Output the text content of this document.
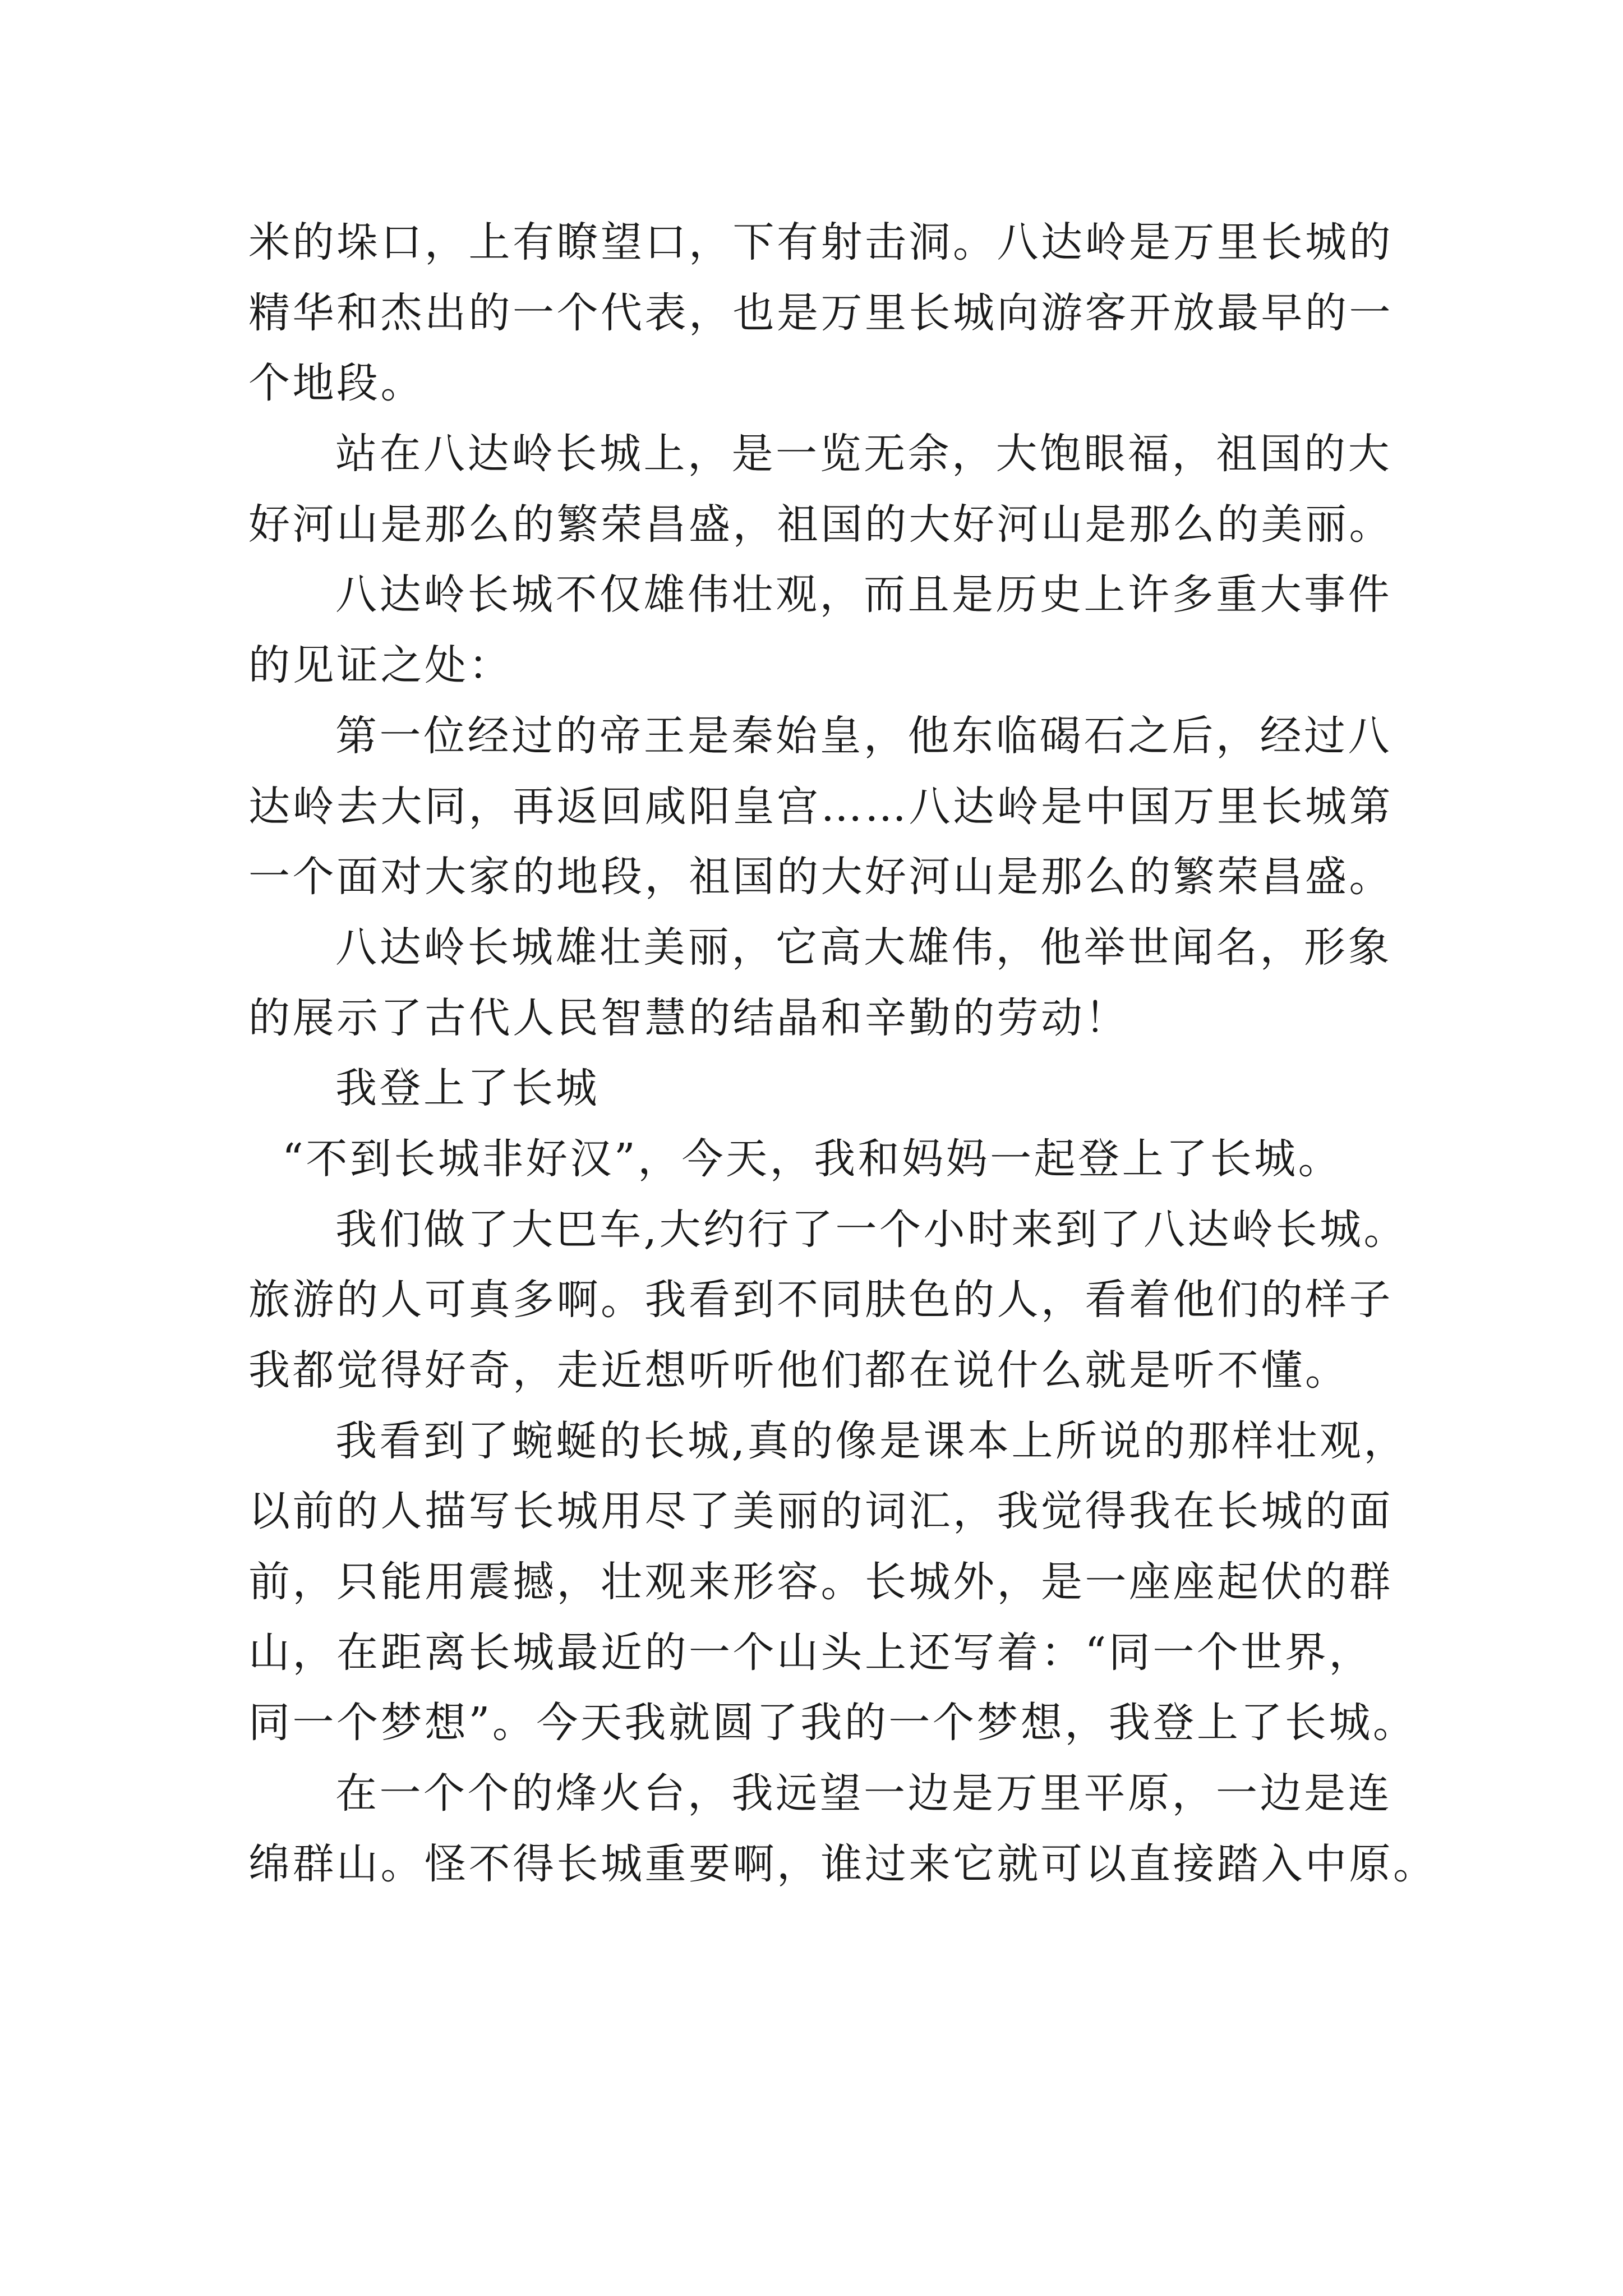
米的垛口，上有瞭望口，下有射击洞。八达岭是万里长城的
精华和杰出的一个代表，也是万里长城向游客开放最早的一
个地段。
站在八达岭长城上，是一览无余，大饱眼福，祖国的大
好河山是那么的繁荣昌盛，祖国的大好河山是那么的美丽。
八达岭长城不仅雄伟壮观，而且是历史上许多重大事件
的见证之处：
第一位经过的帝王是秦始皇，他东临碣石之后，经过八
达岭去大同，再返回咸阳皇宫……八达岭是中国万里长城第
一个面对大家的地段，祖国的大好河山是那么的繁荣昌盛。
八达岭长城雄壮美丽，它高大雄伟，他举世闻名，形象
的展示了古代人民智慧的结晶和辛勤的劳动！
我登上了长城
“不到长城非好汉”，今天，我和妈妈一起登上了长城。
我们做了大巴车,大约行了一个小时来到了八达岭长城。
旅游的人可真多啊。我看到不同肤色的人，看着他们的样子
我都觉得好奇，走近想听听他们都在说什么就是听不懂。
我看到了蜿蜒的长城,真的像是课本上所说的那样壮观，
以前的人描写长城用尽了美丽的词汇，我觉得我在长城的面
前，只能用震撼，壮观来形容。长城外，是一座座起伏的群
山，在距离长城最近的一个山头上还写着：“同一个世界，
同一个梦想”。今天我就圆了我的一个梦想，我登上了长城。
在一个个的烽火台，我远望一边是万里平原，一边是连
绵群山。怪不得长城重要啊，谁过来它就可以直接踏入中原。
